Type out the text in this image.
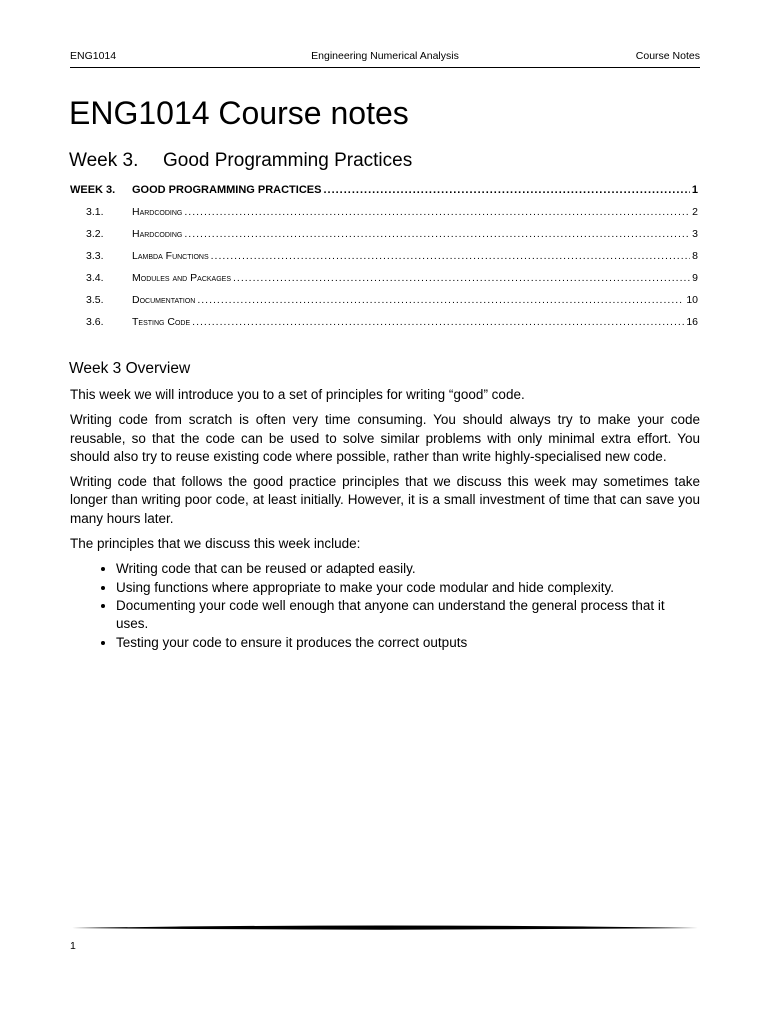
Engineering Numerical Analysis
ENG1014	Course Notes
ENG1014 Course notes
Week 3. Good Programming Practices
WEEK 3.	GOOD PROGRAMMING PRACTICES .....	1
3.1.	Hardcoding .....	2
3.2.	Hardcoding .....	3
3.3.	Lambda Functions .....	8
3.4.	Modules and Packages .....	9
3.5.	Documentation .....	10
3.6.	Testing Code .....	16
Week 3 Overview

This week we will introduce you to a set of principles for writing “good” code.

Writing code from scratch is often very time consuming. You should always try to make your code reusable, so that the code can be used to solve similar problems with only minimal extra effort. You should also try to reuse existing code where possible, rather than write highly-specialised new code.

Writing code that follows the good practice principles that we discuss this week may sometimes take longer than writing poor code, at least initially. However, it is a small investment of time that can save you many hours later.

The principles that we discuss this week include:

• Writing code that can be reused or adapted easily.
• Using functions where appropriate to make your code modular and hide complexity.
• Documenting your code well enough that anyone can understand the general process that it uses.
• Testing your code to ensure it produces the correct outputs
1
